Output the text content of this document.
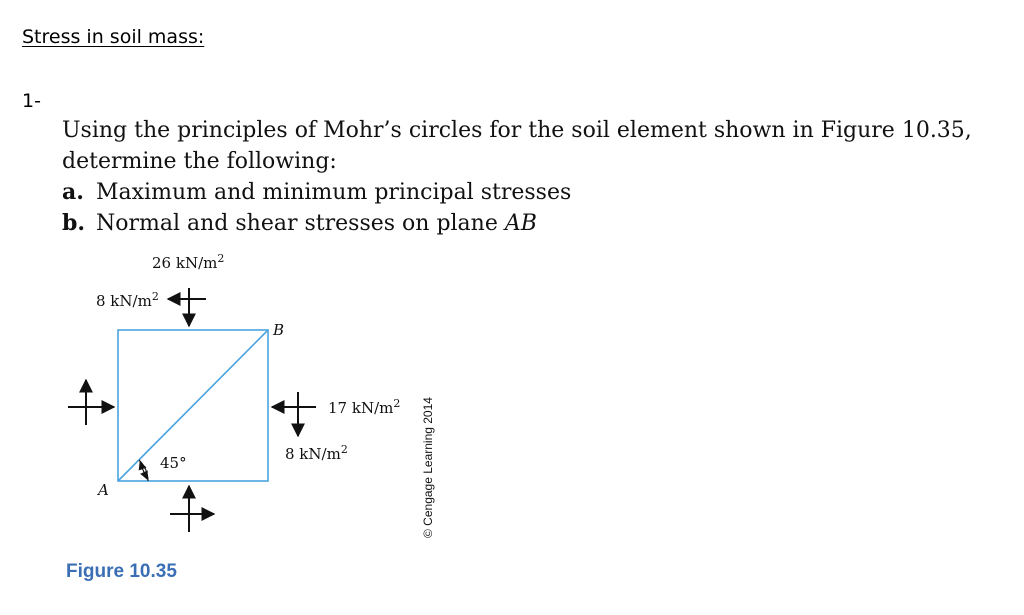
Stress in soil mass:
1-

Using the principles of Mohr’s circles for the soil element shown in Figure 10.35,

determine the following:

a. Maximum and minimum principal stresses
b. Normal and shear stresses on plane AB
26 $kN/m^2$
8 $kN/m^2$
17 $kN/m^2$
8 $kN/m^2$
45°
A
B
© Cengage Learning 2014
Figure 10.35
